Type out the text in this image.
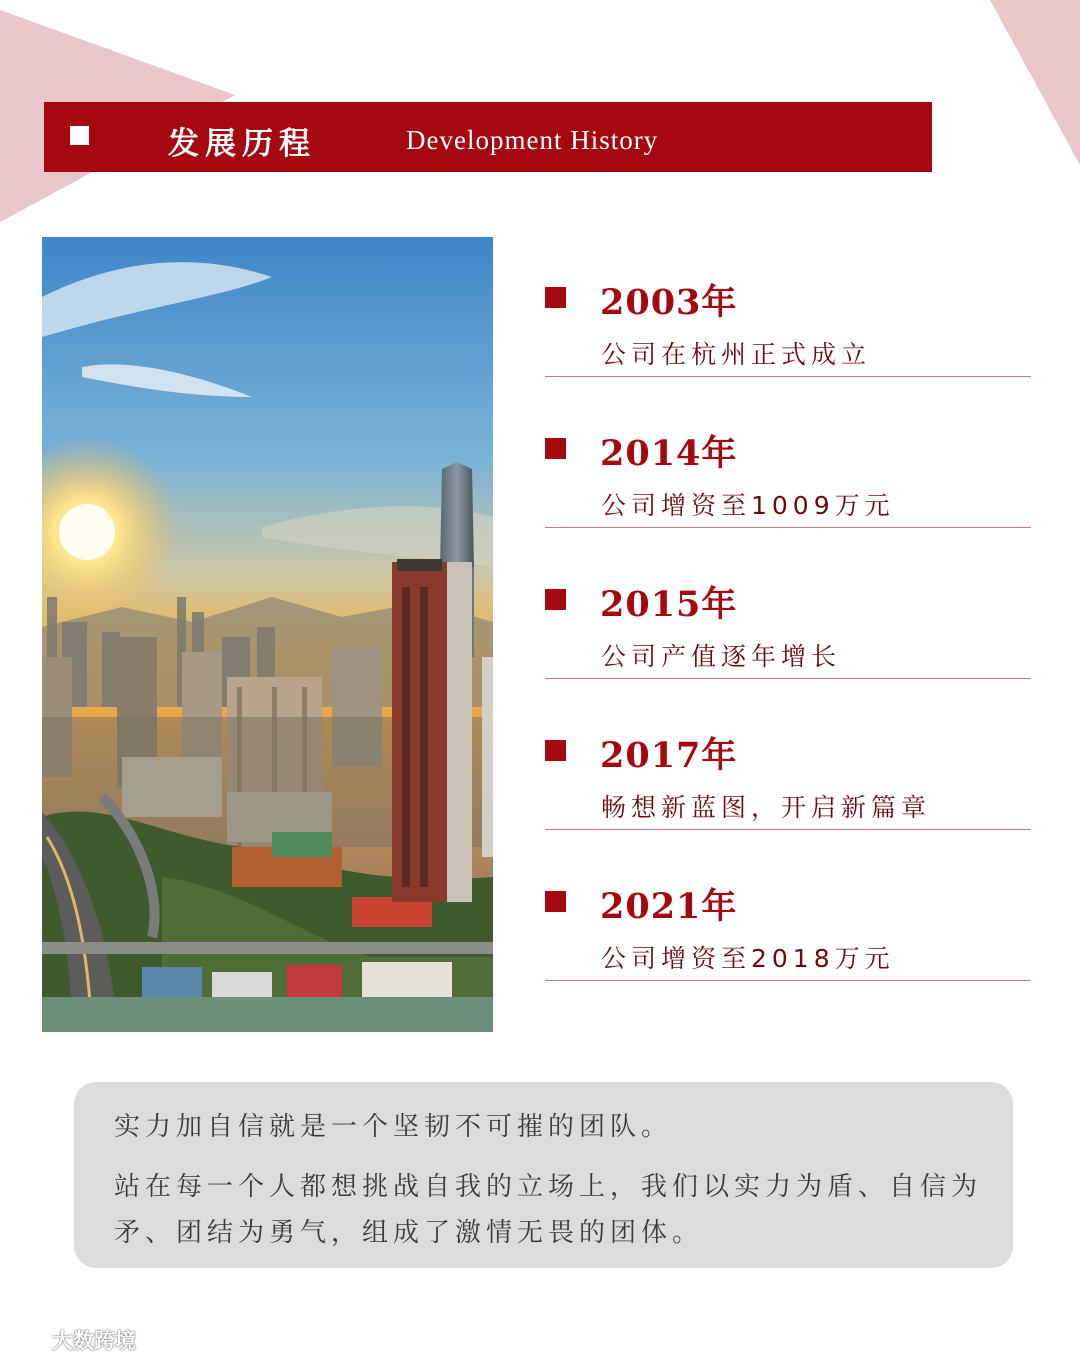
发展历程	Development History
2003年
公司在杭州正式成立
2014年
公司增资至1009万元
2015年
公司产值逐年增长
2017年
畅想新蓝图，开启新篇章
2021年
公司增资至2018万元
实力加自信就是一个坚韧不可摧的团队。
站在每一个人都想挑战自我的立场上，我们以实力为盾、自信为矛、团结为勇气，组成了激情无畏的团体。
大数跨境
